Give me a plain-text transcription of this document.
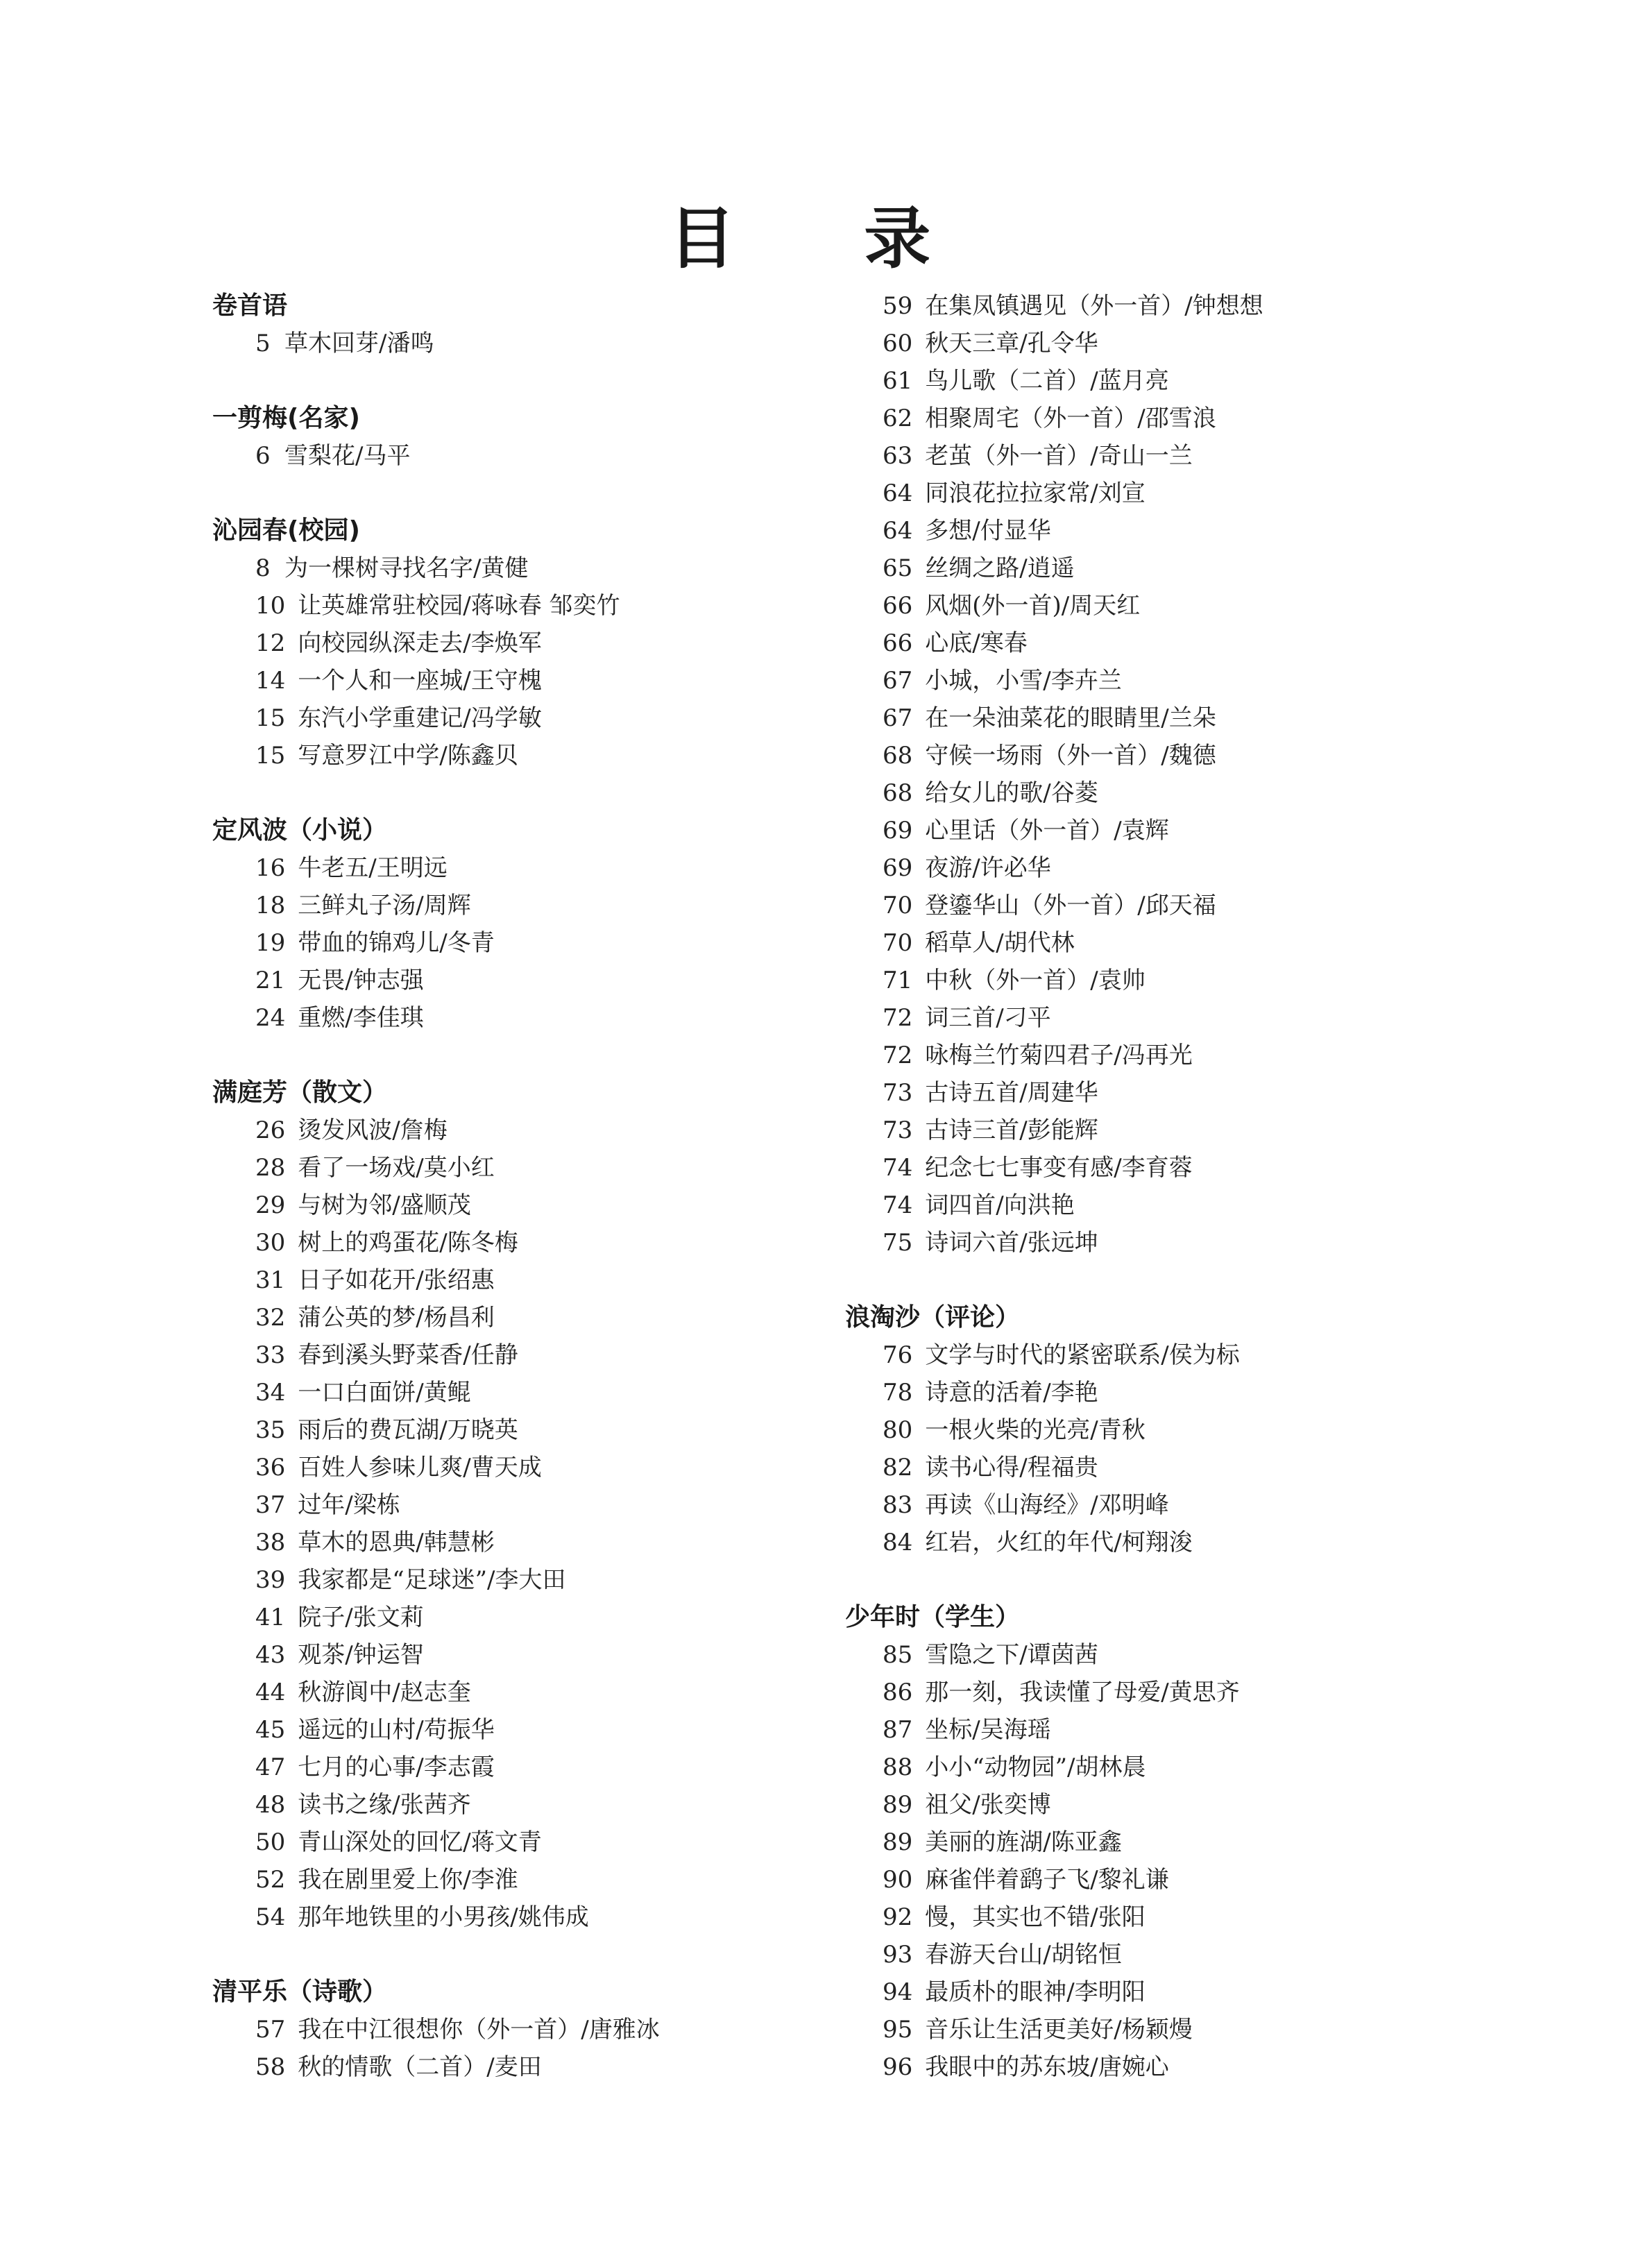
目 录
卷首语
5 草木回芽/潘鸣
一剪梅(名家)
6 雪梨花/马平
沁园春(校园)
8 为一棵树寻找名字/黄健
10 让英雄常驻校园/蒋咏春 邹奕竹
12 向校园纵深走去/李焕军
14 一个人和一座城/王守槐
15 东汽小学重建记/冯学敏
15 写意罗江中学/陈鑫贝
定风波（小说）
16 牛老五/王明远
18 三鲜丸子汤/周辉
19 带血的锦鸡儿/冬青
21 无畏/钟志强
24 重燃/李佳琪
满庭芳（散文）
26 烫发风波/詹梅
28 看了一场戏/莫小红
29 与树为邻/盛顺茂
30 树上的鸡蛋花/陈冬梅
31 日子如花开/张绍惠
32 蒲公英的梦/杨昌利
33 春到溪头野菜香/任静
34 一口白面饼/黄鲲
35 雨后的费瓦湖/万晓英
36 百姓人参味儿爽/曹天成
37 过年/梁栋
38 草木的恩典/韩慧彬
39 我家都是“足球迷”/李大田
41 院子/张文莉
43 观茶/钟运智
44 秋游阆中/赵志奎
45 遥远的山村/苟振华
47 七月的心事/李志霞
48 读书之缘/张茜齐
50 青山深处的回忆/蒋文青
52 我在剧里爱上你/李淮
54 那年地铁里的小男孩/姚伟成
清平乐（诗歌）
57 我在中江很想你（外一首）/唐雅冰
58 秋的情歌（二首）/麦田
59 在集凤镇遇见（外一首）/钟想想
60 秋天三章/孔令华
61 鸟儿歌（二首）/蓝月亮
62 相聚周宅（外一首）/邵雪浪
63 老茧（外一首）/奇山一兰
64 同浪花拉拉家常/刘宣
64 多想/付显华
65 丝绸之路/逍遥
66 风烟(外一首)/周天红
66 心底/寒春
67 小城，小雪/李卉兰
67 在一朵油菜花的眼睛里/兰朵
68 守候一场雨（外一首）/魏德
68 给女儿的歌/谷菱
69 心里话（外一首）/袁辉
69 夜游/许必华
70 登鎏华山（外一首）/邱天福
70 稻草人/胡代林
71 中秋（外一首）/袁帅
72 词三首/刁平
72 咏梅兰竹菊四君子/冯再光
73 古诗五首/周建华
73 古诗三首/彭能辉
74 纪念七七事变有感/李育蓉
74 词四首/向洪艳
75 诗词六首/张远坤
浪淘沙（评论）
76 文学与时代的紧密联系/侯为标
78 诗意的活着/李艳
80 一根火柴的光亮/青秋
82 读书心得/程福贵
83 再读《山海经》/邓明峰
84 红岩，火红的年代/柯翔浚
少年时（学生）
85 雪隐之下/谭茵茜
86 那一刻，我读懂了母爱/黄思齐
87 坐标/吴海瑶
88 小小“动物园”/胡林晨
89 祖父/张奕博
89 美丽的旌湖/陈亚鑫
90 麻雀伴着鹞子飞/黎礼谦
92 慢，其实也不错/张阳
93 春游天台山/胡铭恒
94 最质朴的眼神/李明阳
95 音乐让生活更美好/杨颖熳
96 我眼中的苏东坡/唐婉心
